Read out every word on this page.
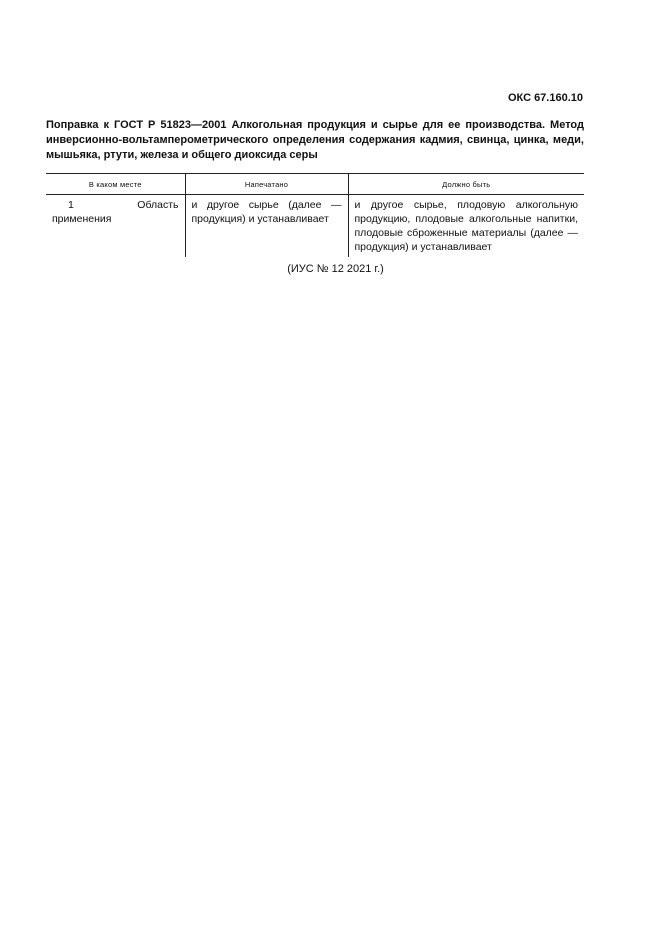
ОКС 67.160.10

Поправка к ГОСТ Р 51823—2001 Алкогольная продукция и сырье для ее производства. Метод инверсионно-вольтамперометрического определения содержания кадмия, свинца, цинка, меди, мышьяка, ртути, железа и общего диоксида серы

В каком месте	Напечатано	Должно быть
1 Область применения	и другое сырье (далее — продукция) и устанавливает	и другое сырье, плодовую алкогольную продукцию, плодовые алкогольные напитки, плодовые сброженные материалы (далее — продукция) и устанавливает
(ИУС № 12 2021 г.)
